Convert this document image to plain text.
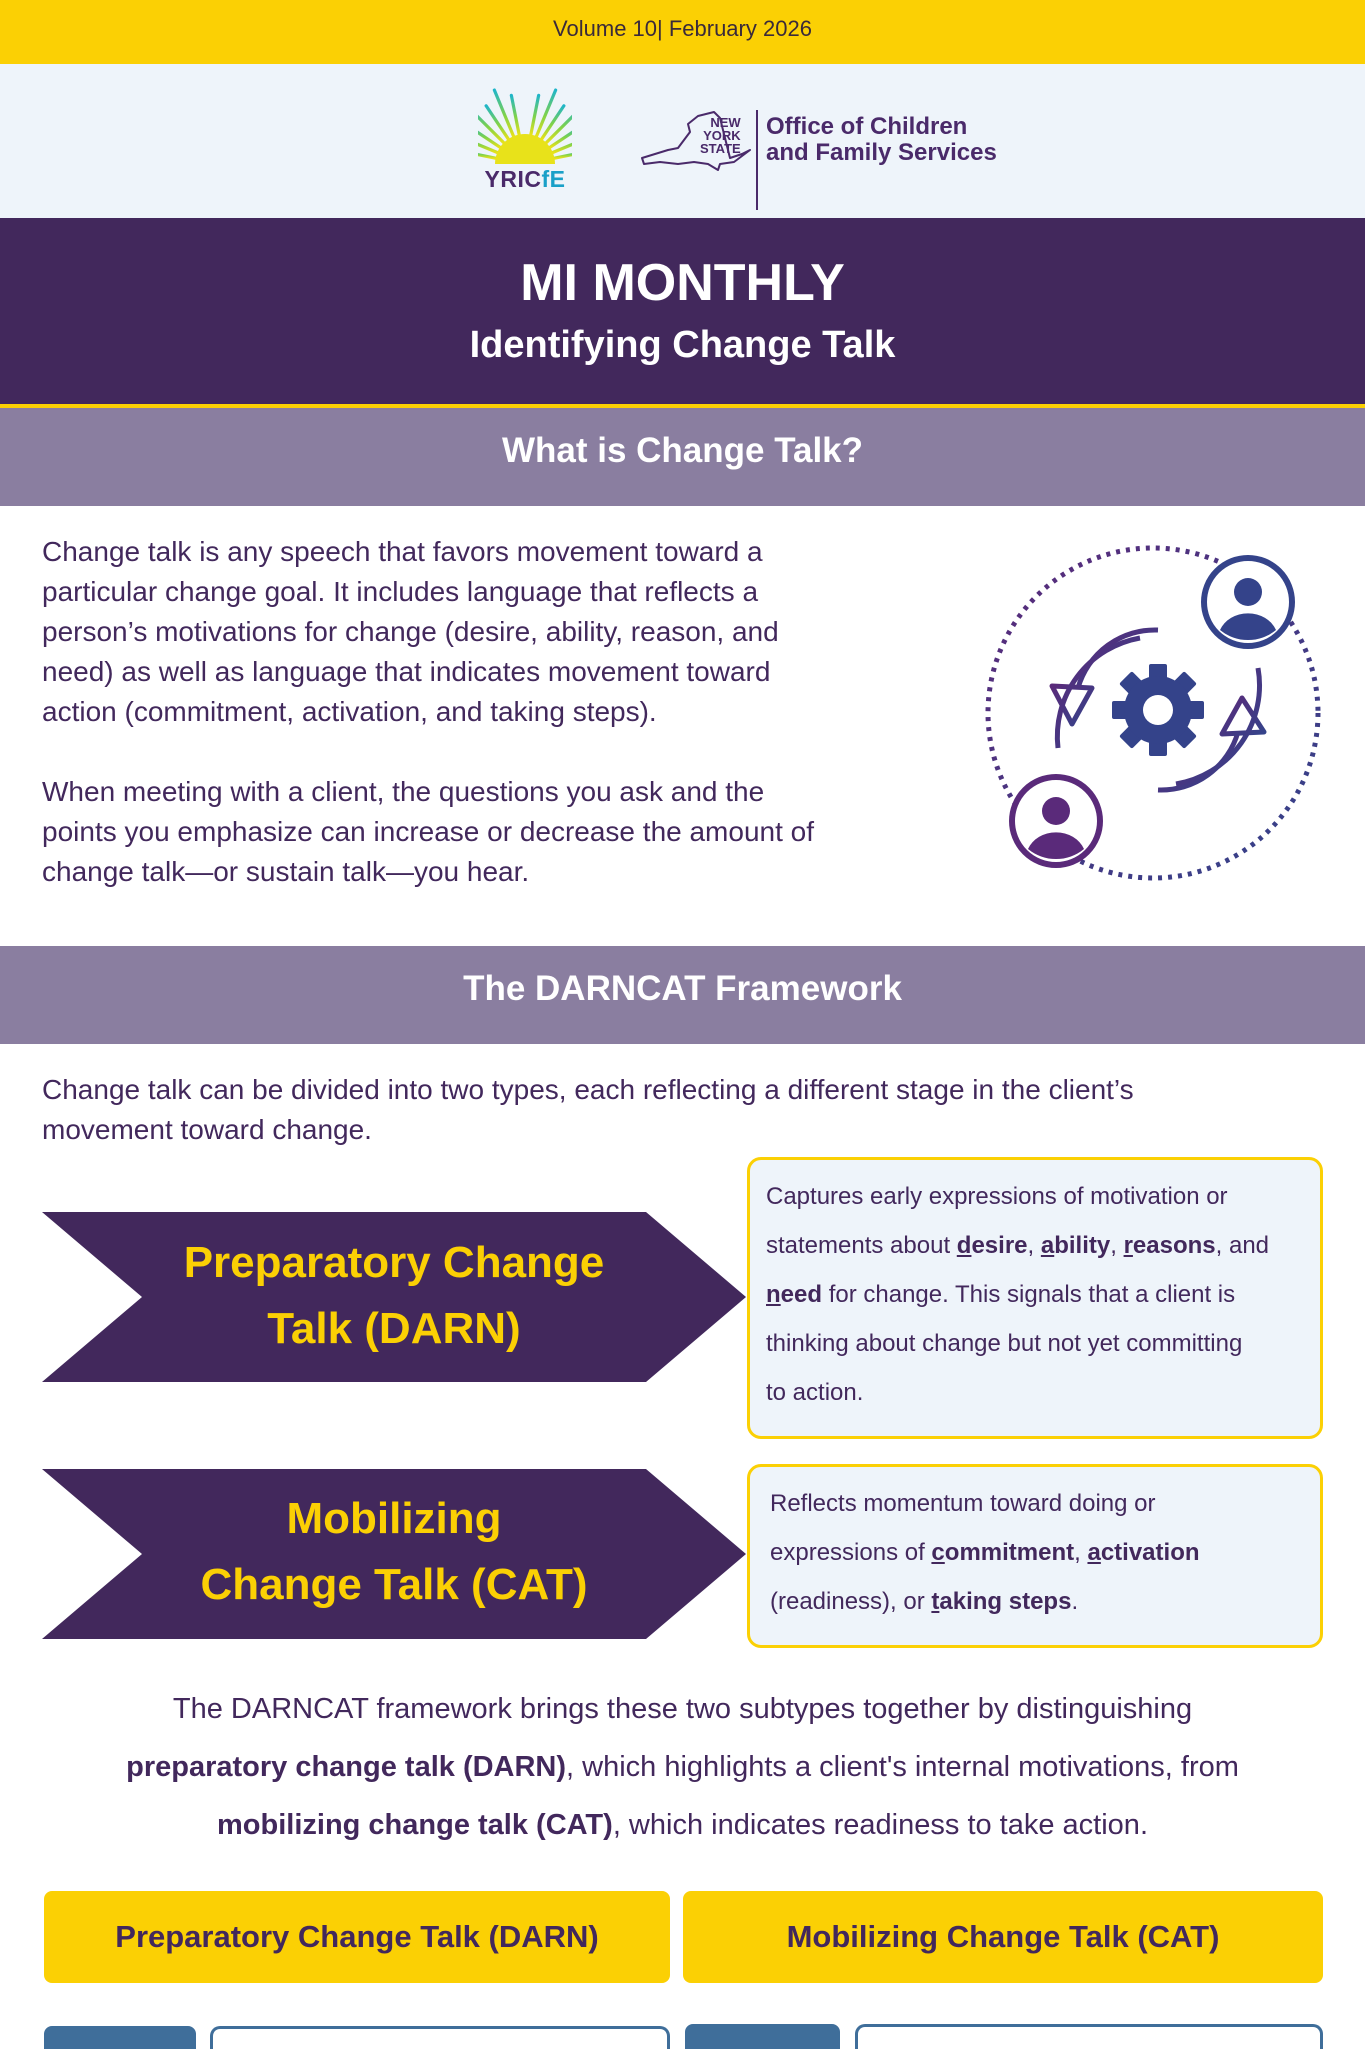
Volume 10| February 2026
YRICfE
NEW
YORK
STATE
Office of Children
and Family Services
MI MONTHLY
Identifying Change Talk
What is Change Talk?

Change talk is any speech that favors movement toward a

particular change goal. It includes language that reflects a

person’s motivations for change (desire, ability, reason, and

need) as well as language that indicates movement toward

action (commitment, activation, and taking steps).

When meeting with a client, the questions you ask and the

points you emphasize can increase or decrease the amount of

change talk—or sustain talk—you hear.

The DARNCAT Framework

Change talk can be divided into two types, each reflecting a different stage in the client’s

movement toward change.

Preparatory Change
Talk (DARN)
Captures early expressions of motivation or
statements about desire, ability, reasons, and
need for change. This signals that a client is
thinking about change but not yet committing
to action.
Mobilizing
Change Talk (CAT)
Reflects momentum toward doing or
expressions of commitment, activation
(readiness), or taking steps.
The DARNCAT framework brings these two subtypes together by distinguishing
preparatory change talk (DARN), which highlights a client's internal motivations, from
mobilizing change talk (CAT), which indicates readiness to take action.
Preparatory Change Talk (DARN)	Mobilizing Change Talk (CAT)
